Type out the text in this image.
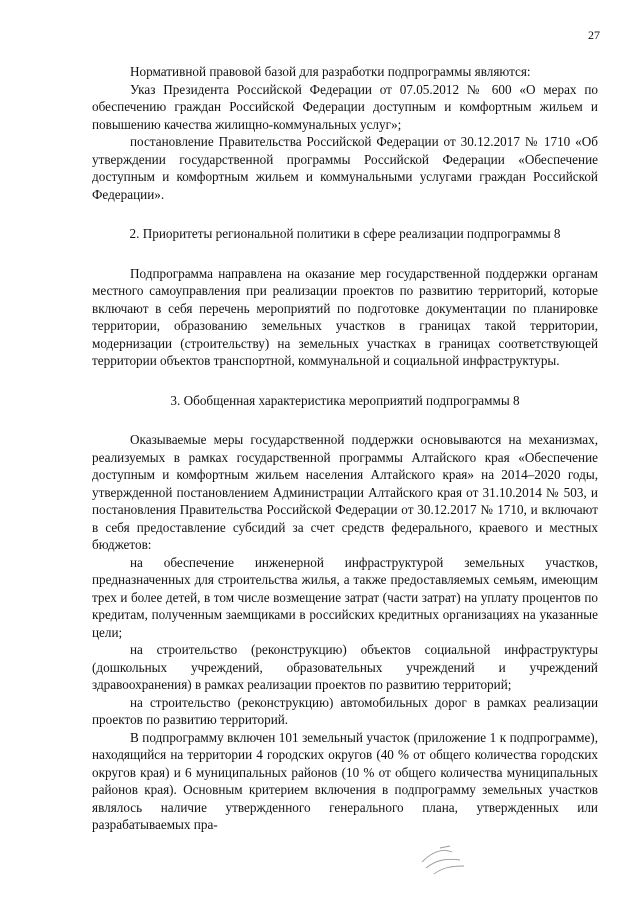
27

Нормативной правовой базой для разработки подпрограммы являются:

Указ Президента Российской Федерации от 07.05.2012 № 600 «О мерах по обеспечению граждан Российской Федерации доступным и комфортным жильем и повышению качества жилищно-коммунальных услуг»;

постановление Правительства Российской Федерации от 30.12.2017 № 1710 «Об утверждении государственной программы Российской Федерации «Обеспечение доступным и комфортным жильем и коммунальными услугами граждан Российской Федерации».

2. Приоритеты региональной политики в сфере реализации подпрограммы 8

Подпрограмма направлена на оказание мер государственной поддержки органам местного самоуправления при реализации проектов по развитию территорий, которые включают в себя перечень мероприятий по подготовке документации по планировке территории, образованию земельных участков в границах такой территории, модернизации (строительству) на земельных участках в границах соответствующей территории объектов транспортной, коммунальной и социальной инфраструктуры.

3. Обобщенная характеристика мероприятий подпрограммы 8

Оказываемые меры государственной поддержки основываются на механизмах, реализуемых в рамках государственной программы Алтайского края «Обеспечение доступным и комфортным жильем населения Алтайского края» на 2014–2020 годы, утвержденной постановлением Администрации Алтайского края от 31.10.2014 № 503, и постановления Правительства Российской Федерации от 30.12.2017 № 1710, и включают в себя предоставление субсидий за счет средств федерального, краевого и местных бюджетов:

на обеспечение инженерной инфраструктурой земельных участков, предназначенных для строительства жилья, а также предоставляемых семьям, имеющим трех и более детей, в том числе возмещение затрат (части затрат) на уплату процентов по кредитам, полученным заемщиками в российских кредитных организациях на указанные цели;

на строительство (реконструкцию) объектов социальной инфраструктуры (дошкольных учреждений, образовательных учреждений и учреждений здравоохранения) в рамках реализации проектов по развитию территорий;

на строительство (реконструкцию) автомобильных дорог в рамках реализации проектов по развитию территорий.

В подпрограмму включен 101 земельный участок (приложение 1 к подпрограмме), находящийся на территории 4 городских округов (40 % от общего количества городских округов края) и 6 муниципальных районов (10 % от общего количества муниципальных районов края). Основным критерием включения в подпрограмму земельных участков являлось наличие утвержденного генерального плана, утвержденных или разрабатываемых пра-
